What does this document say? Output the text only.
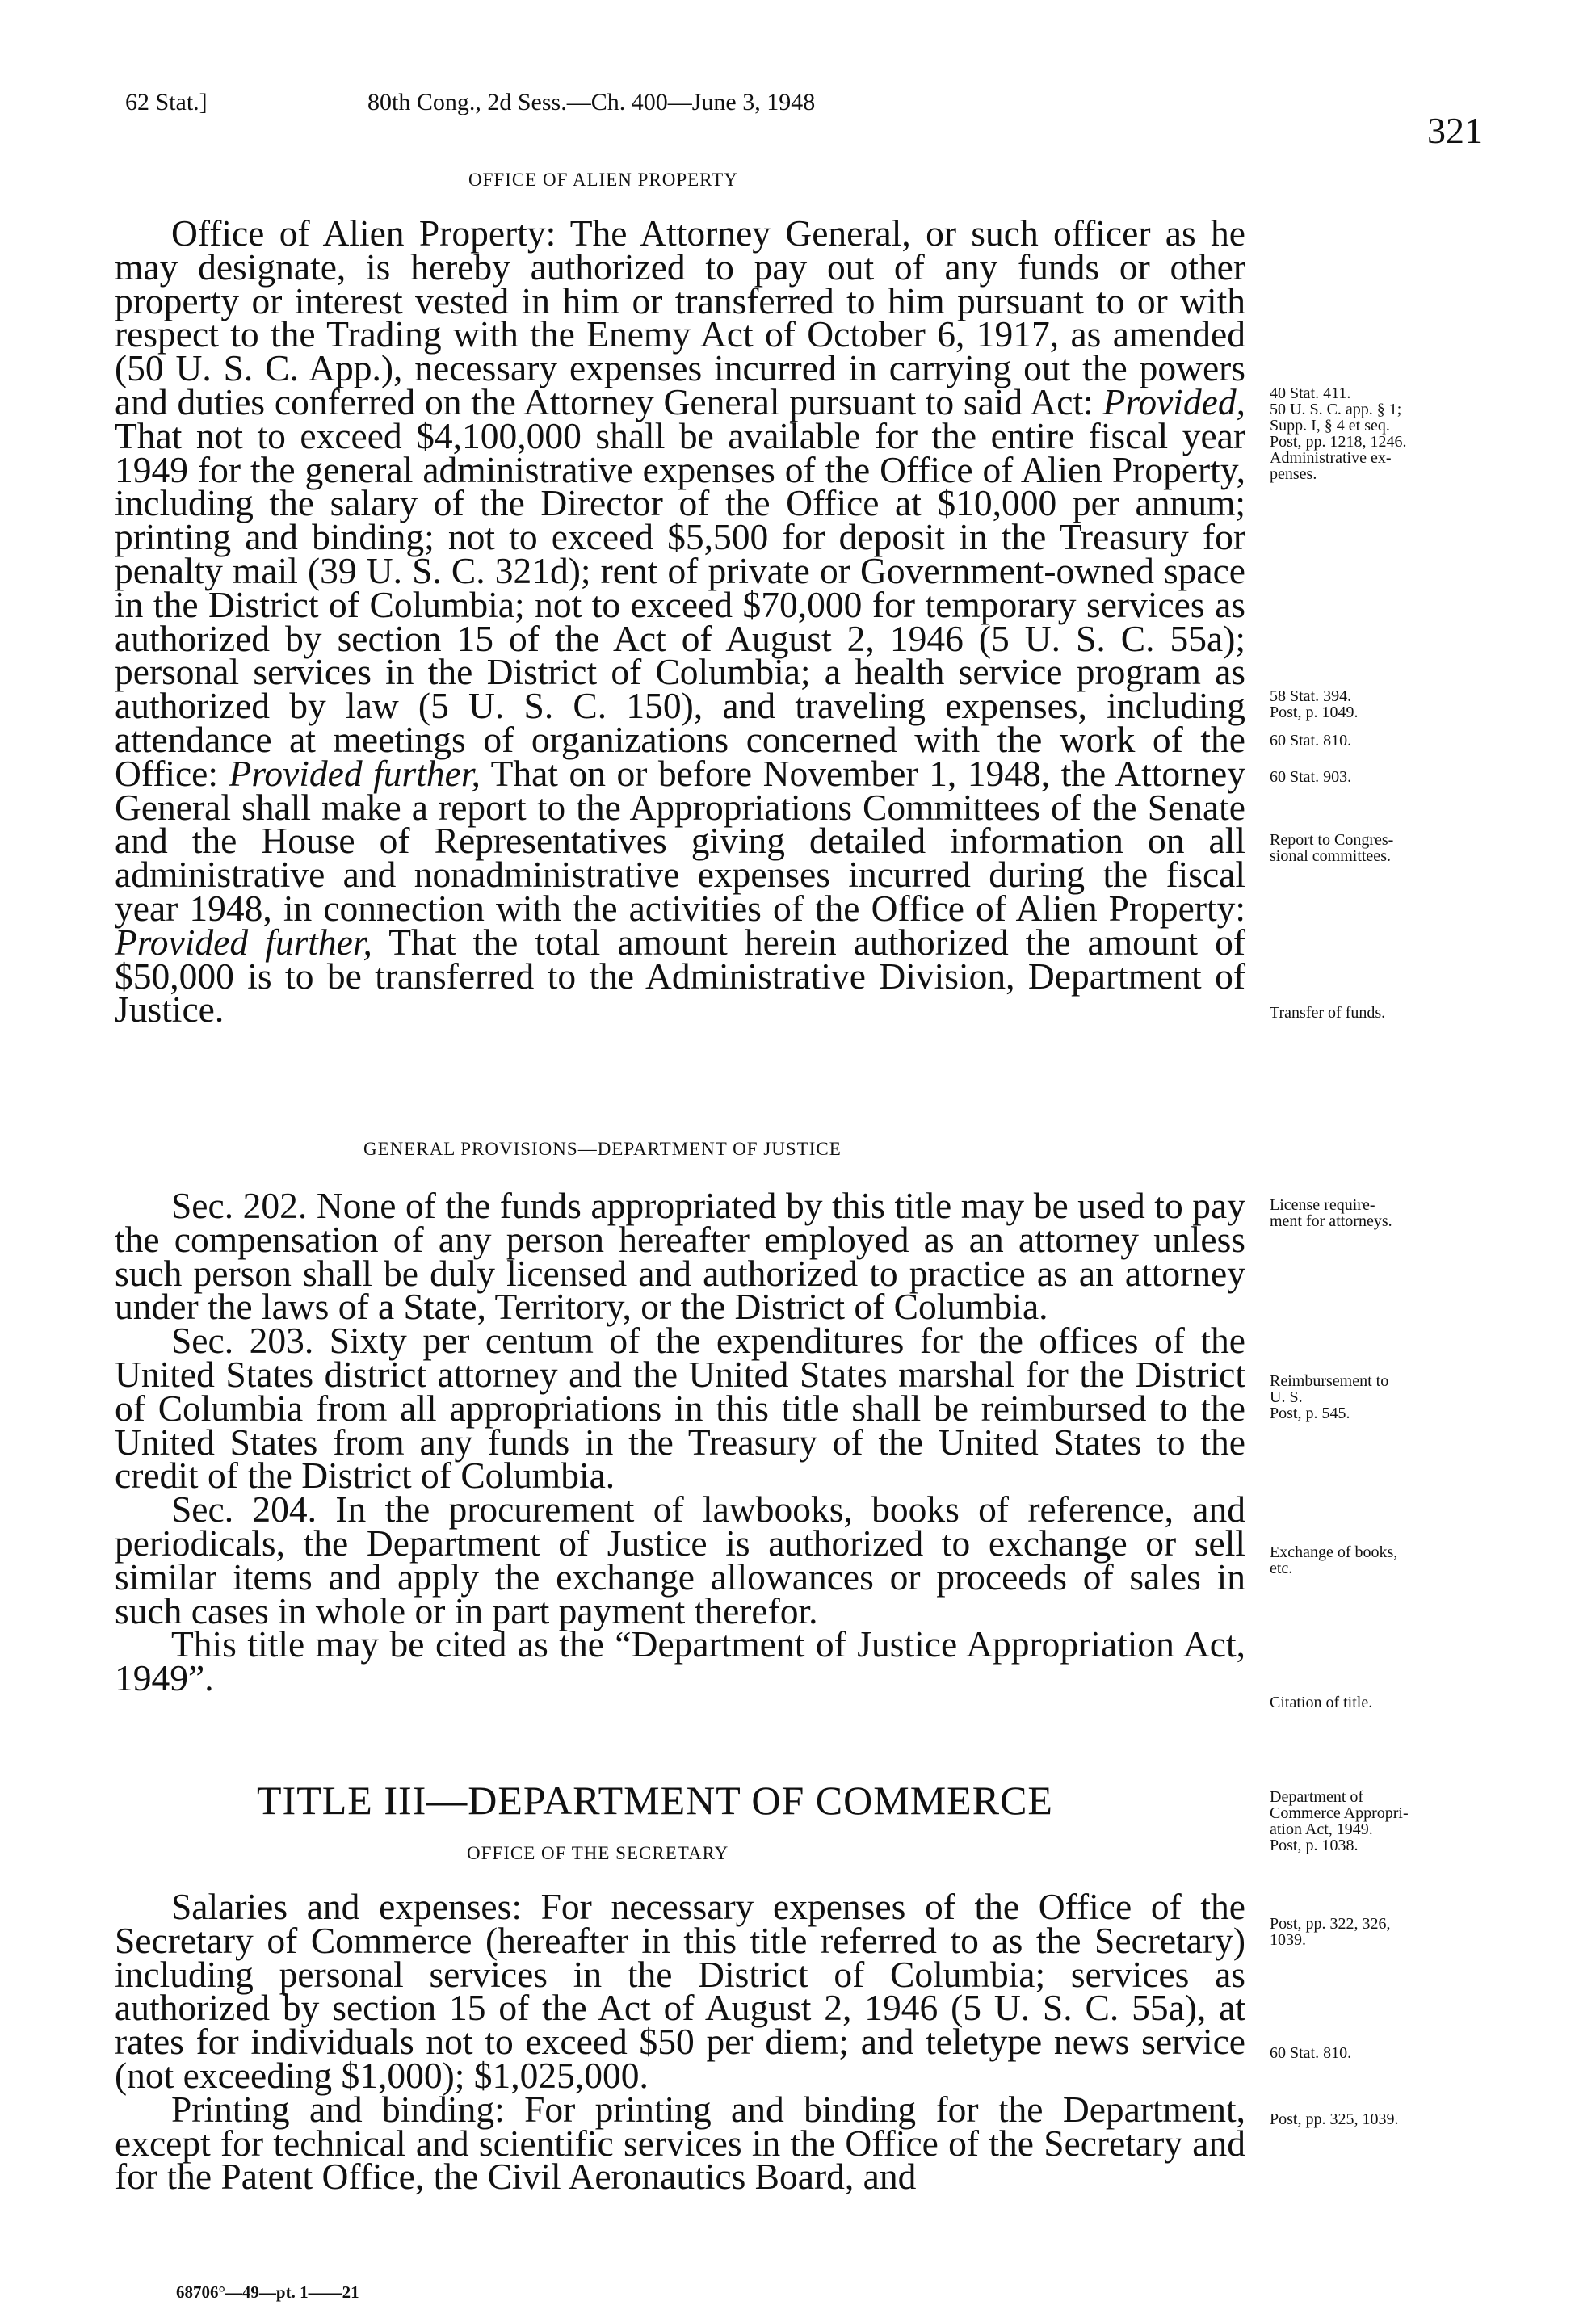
62 Stat.]	80th Cong., 2d Sess.—Ch. 400—June 3, 1948
321
OFFICE OF ALIEN PROPERTY

Office of Alien Property: The Attorney General, or such officer as he may designate, is hereby authorized to pay out of any funds or other property or interest vested in him or transferred to him pursuant to or with respect to the Trading with the Enemy Act of October 6, 1917, as amended (50 U. S. C. App.), necessary expenses incurred in carrying out the powers and duties conferred on the Attorney General pursuant to said Act: Provided, That not to exceed $4,100,000 shall be available for the entire fiscal year 1949 for the general administrative expenses of the Office of Alien Property, including the salary of the Director of the Office at $10,000 per annum; printing and binding; not to exceed $5,500 for deposit in the Treasury for penalty mail (39 U. S. C. 321d); rent of private or Government-owned space in the District of Columbia; not to exceed $70,000 for temporary services as authorized by section 15 of the Act of August 2, 1946 (5 U. S. C. 55a); personal services in the District of Columbia; a health service program as authorized by law (5 U. S. C. 150), and traveling expenses, including attendance at meetings of organizations concerned with the work of the Office: Provided further, That on or before November 1, 1948, the Attorney General shall make a report to the Appropriations Committees of the Senate and the House of Representatives giving detailed information on all administrative and nonadministrative expenses incurred during the fiscal year 1948, in connection with the activities of the Office of Alien Property: Provided further, That the total amount herein authorized the amount of $50,000 is to be transferred to the Administrative Division, Department of Justice.

GENERAL PROVISIONS—DEPARTMENT OF JUSTICE

Sec. 202. None of the funds appropriated by this title may be used to pay the compensation of any person hereafter employed as an attorney unless such person shall be duly licensed and authorized to practice as an attorney under the laws of a State, Territory, or the District of Columbia.

Sec. 203. Sixty per centum of the expenditures for the offices of the United States district attorney and the United States marshal for the District of Columbia from all appropriations in this title shall be reimbursed to the United States from any funds in the Treasury of the United States to the credit of the District of Columbia.

Sec. 204. In the procurement of lawbooks, books of reference, and periodicals, the Department of Justice is authorized to exchange or sell similar items and apply the exchange allowances or proceeds of sales in such cases in whole or in part payment therefor.

This title may be cited as the “Department of Justice Appropriation Act, 1949”.

TITLE III—DEPARTMENT OF COMMERCE
OFFICE OF THE SECRETARY

Salaries and expenses: For necessary expenses of the Office of the Secretary of Commerce (hereafter in this title referred to as the Secretary) including personal services in the District of Columbia; services as authorized by section 15 of the Act of August 2, 1946 (5 U. S. C. 55a), at rates for individuals not to exceed $50 per diem; and teletype news service (not exceeding $1,000); $1,025,000.

Printing and binding: For printing and binding for the Department, except for technical and scientific services in the Office of the Secretary and for the Patent Office, the Civil Aeronautics Board, and

40 Stat. 411.
50 U. S. C. app. § 1;
Supp. I, § 4 et seq.
Post, pp. 1218, 1246.
Administrative ex-
penses.
58 Stat. 394.
Post, p. 1049.
60 Stat. 810.
60 Stat. 903.
Report to Congres-
sional committees.
Transfer of funds.
License require-
ment for attorneys.
Reimbursement to
U. S.
Post, p. 545.
Exchange of books,
etc.
Citation of title.
Department of
Commerce Appropri-
ation Act, 1949.
Post, p. 1038.
Post, pp. 322, 326,
1039.
60 Stat. 810.
Post, pp. 325, 1039.
68706°—49—pt. 1——21
